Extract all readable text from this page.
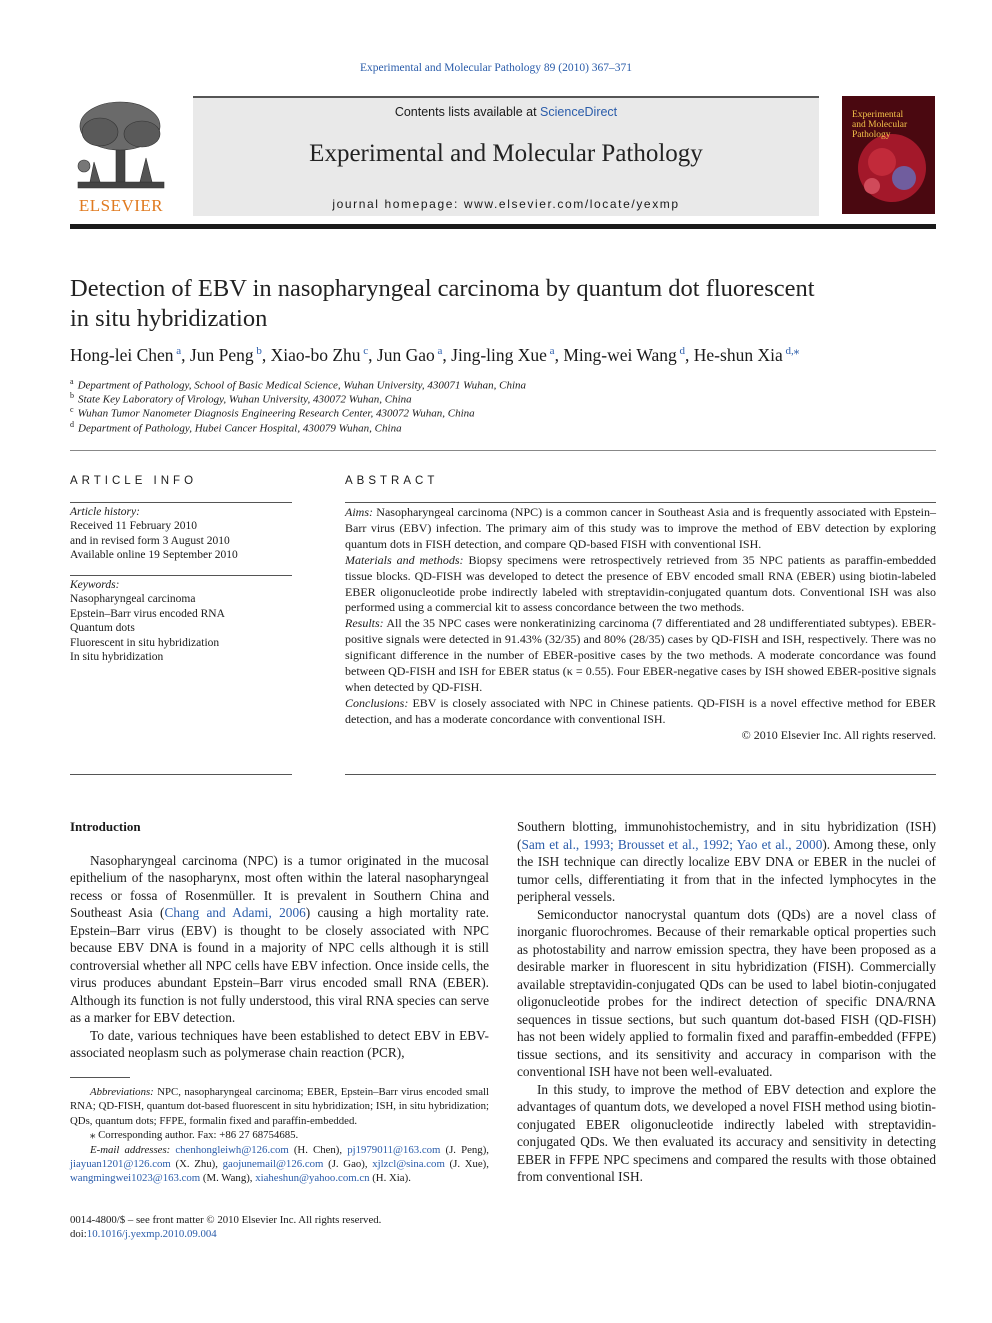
Experimental and Molecular Pathology 89 (2010) 367–371
ELSEVIER
Contents lists available at ScienceDirect
Experimental and Molecular Pathology
journal homepage: www.elsevier.com/locate/yexmp
Experimental
and Molecular
Pathology
Detection of EBV in nasopharyngeal carcinoma by quantum dot fluorescent
in situ hybridization
Hong-lei Chen $^a$, Jun Peng $^b$, Xiao-bo Zhu $^c$, Jun Gao $^a$, Jing-ling Xue $^a$, Ming-wei Wang $^d$, He-shun Xia $^{d,⁎}$
$^a$ Department of Pathology, School of Basic Medical Science, Wuhan University, 430071 Wuhan, China
$^b$ State Key Laboratory of Virology, Wuhan University, 430072 Wuhan, China
$^c$ Wuhan Tumor Nanometer Diagnosis Engineering Research Center, 430072 Wuhan, China
$^d$ Department of Pathology, Hubei Cancer Hospital, 430079 Wuhan, China
ARTICLE INFO	ABSTRACT
Article history:
Received 11 February 2010
and in revised form 3 August 2010
Available online 19 September 2010
Keywords:
Nasopharyngeal carcinoma
Epstein–Barr virus encoded RNA
Quantum dots
Fluorescent in situ hybridization
In situ hybridization

Aims: Nasopharyngeal carcinoma (NPC) is a common cancer in Southeast Asia and is frequently associated with Epstein–Barr virus (EBV) infection. The primary aim of this study was to improve the method of EBV detection by exploring quantum dots in FISH detection, and compare QD-based FISH with conventional ISH.

Materials and methods: Biopsy specimens were retrospectively retrieved from 35 NPC patients as paraffin-embedded tissue blocks. QD-FISH was developed to detect the presence of EBV encoded small RNA (EBER) using biotin-labeled EBER oligonucleotide probe indirectly labeled with streptavidin-conjugated quantum dots. Conventional ISH was also performed using a commercial kit to assess concordance between the two methods.

Results: All the 35 NPC cases were nonkeratinizing carcinoma (7 differentiated and 28 undifferentiated subtypes). EBER-positive signals were detected in 91.43% (32/35) and 80% (28/35) cases by QD-FISH and ISH, respectively. There was no significant difference in the number of EBER-positive cases by the two methods. A moderate concordance was found between QD-FISH and ISH for EBER status (κ = 0.55). Four EBER-negative cases by ISH showed EBER-positive signals when detected by QD-FISH.

Conclusions: EBV is closely associated with NPC in Chinese patients. QD-FISH is a novel effective method for EBER detection, and has a moderate concordance with conventional ISH.

© 2010 Elsevier Inc. All rights reserved.

Introduction

Nasopharyngeal carcinoma (NPC) is a tumor originated in the mucosal epithelium of the nasopharynx, most often within the lateral nasopharyngeal recess or fossa of Rosenmüller. It is prevalent in Southern China and Southeast Asia (Chang and Adami, 2006) causing a high mortality rate. Epstein–Barr virus (EBV) is thought to be closely associated with NPC because EBV DNA is found in a majority of NPC cells although it is still controversial whether all NPC cells have EBV infection. Once inside cells, the virus produces abundant Epstein–Barr virus encoded small RNA (EBER). Although its function is not fully understood, this viral RNA species can serve as a marker for EBV detection.

To date, various techniques have been established to detect EBV in EBV-associated neoplasm such as polymerase chain reaction (PCR),

Abbreviations: NPC, nasopharyngeal carcinoma; EBER, Epstein–Barr virus encoded small RNA; QD-FISH, quantum dot-based fluorescent in situ hybridization; ISH, in situ hybridization; QDs, quantum dots; FFPE, formalin fixed and paraffin-embedded.

⁎ Corresponding author. Fax: +86 27 68754685.

E-mail addresses: chenhongleiwh@126.com (H. Chen), pj1979011@163.com (J. Peng), jiayuan1201@126.com (X. Zhu), gaojunemail@126.com (J. Gao), xjlzcl@sina.com (J. Xue), wangmingwei1023@163.com (M. Wang), xiaheshun@yahoo.com.cn (H. Xia).

0014-4800/$ – see front matter © 2010 Elsevier Inc. All rights reserved.
doi:10.1016/j.yexmp.2010.09.004

Southern blotting, immunohistochemistry, and in situ hybridization (ISH) (Sam et al., 1993; Brousset et al., 1992; Yao et al., 2000). Among these, only the ISH technique can directly localize EBV DNA or EBER in the nuclei of tumor cells, differentiating it from that in the infected lymphocytes in the peripheral vessels.

Semiconductor nanocrystal quantum dots (QDs) are a novel class of inorganic fluorochromes. Because of their remarkable optical properties such as photostability and narrow emission spectra, they have been proposed as a desirable marker in fluorescent in situ hybridization (FISH). Commercially available streptavidin-conjugated QDs can be used to label biotin-conjugated oligonucleotide probes for the indirect detection of specific DNA/RNA sequences in tissue sections, but such quantum dot-based FISH (QD-FISH) has not been widely applied to formalin fixed and paraffin-embedded (FFPE) tissue sections, and its sensitivity and accuracy in comparison with the conventional ISH have not been well-evaluated.

In this study, to improve the method of EBV detection and explore the advantages of quantum dots, we developed a novel FISH method using biotin-conjugated EBER oligonucleotide indirectly labeled with streptavidin-conjugated QDs. We then evaluated its accuracy and sensitivity in detecting EBER in FFPE NPC specimens and compared the results with those obtained from conventional ISH.
